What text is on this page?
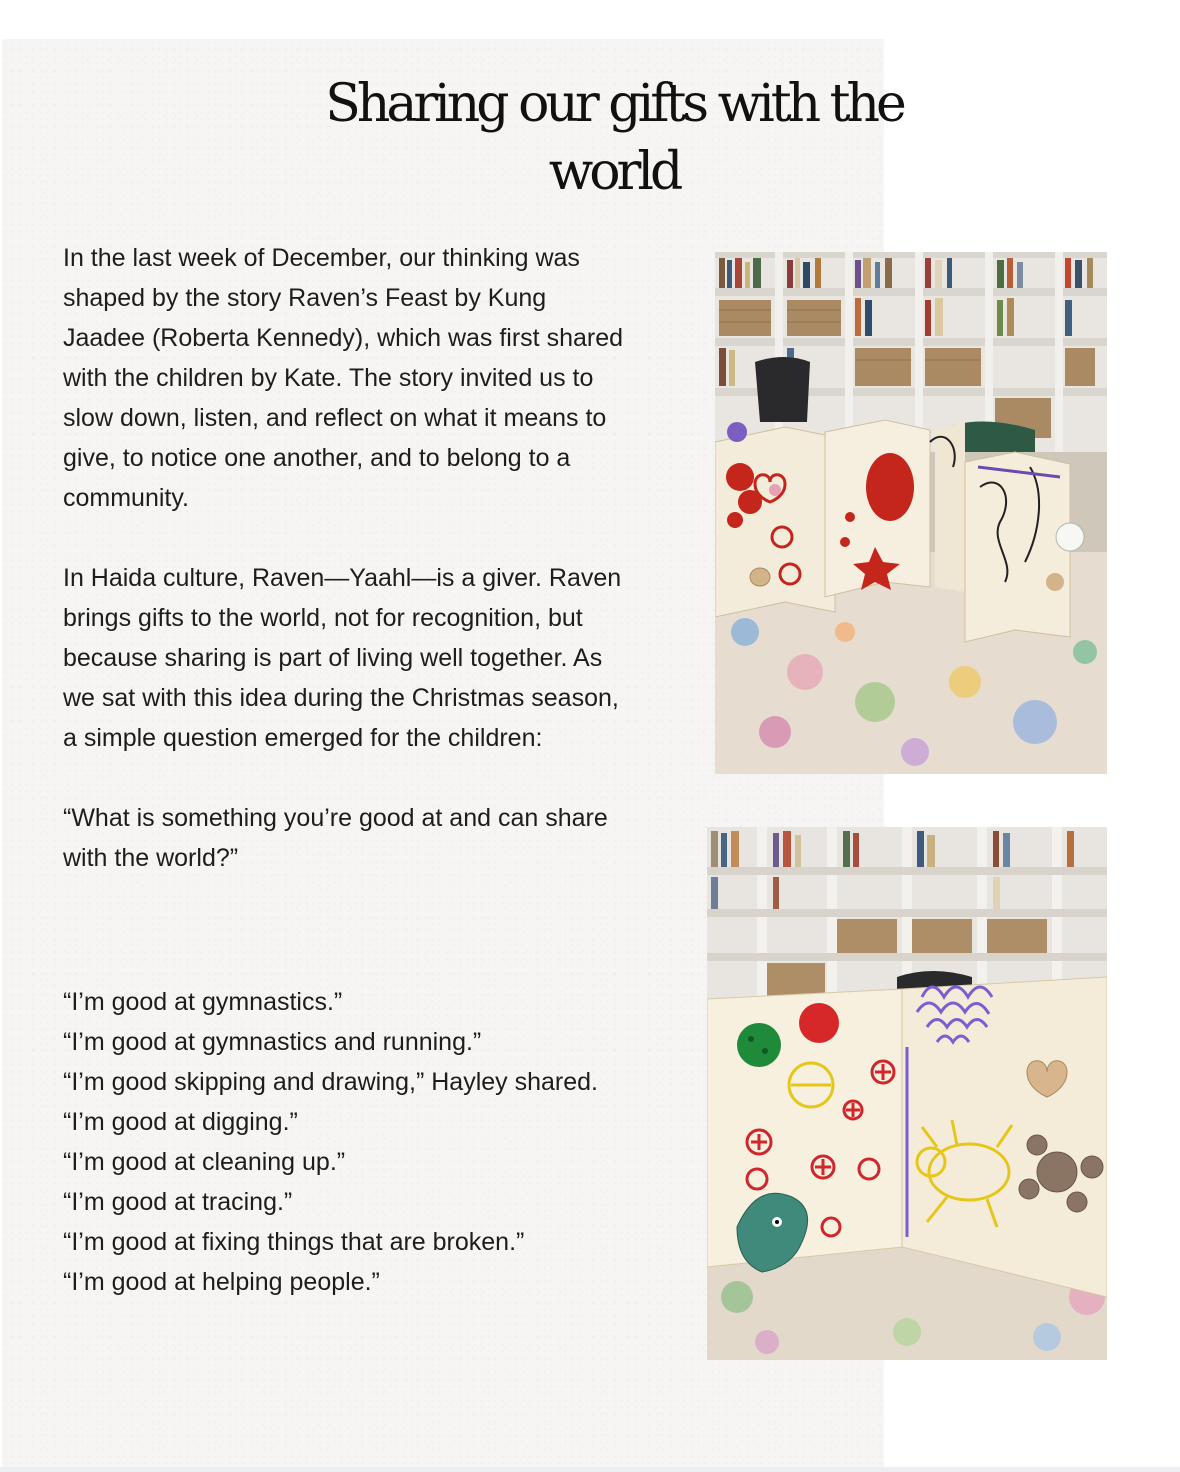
Sharing our gifts with the world

In the last week of December, our thinking was shaped by the story Raven’s Feast by Kung Jaadee (Roberta Kennedy), which was first shared with the children by Kate. The story invited us to slow down, listen, and reflect on what it means to give, to notice one another, and to belong to a community.

In Haida culture, Raven—Yaahl—is a giver. Raven brings gifts to the world, not for recognition, but because sharing is part of living well together. As we sat with this idea during the Christmas season, a simple question emerged for the children:

“What is something you’re good at and can share with the world?”

“I’m good at gymnastics.”
“I’m good at gymnastics and running.”
“I’m good skipping and drawing,” Hayley shared.
“I’m good at digging.”
“I’m good at cleaning up.”
“I’m good at tracing.”
“I’m good at fixing things that are broken.”
“I’m good at helping people.”
